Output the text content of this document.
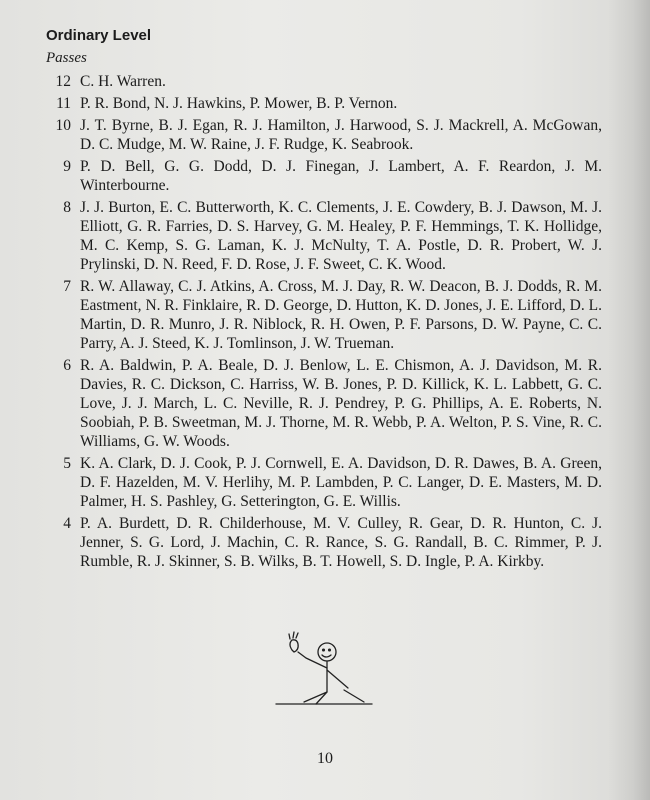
Ordinary Level
Passes
12 C. H. Warren.
11 P. R. Bond, N. J. Hawkins, P. Mower, B. P. Vernon.
10 J. T. Byrne, B. J. Egan, R. J. Hamilton, J. Harwood, S. J. Mackrell, A. McGowan, D. C. Mudge, M. W. Raine, J. F. Rudge, K. Seabrook.
9 P. D. Bell, G. G. Dodd, D. J. Finegan, J. Lambert, A. F. Reardon, J. M. Winterbourne.
8 J. J. Burton, E. C. Butterworth, K. C. Clements, J. E. Cowdery, B. J. Dawson, M. J. Elliott, G. R. Farries, D. S. Harvey, G. M. Healey, P. F. Hemmings, T. K. Hollidge, M. C. Kemp, S. G. Laman, K. J. McNulty, T. A. Postle, D. R. Probert, W. J. Prylinski, D. N. Reed, F. D. Rose, J. F. Sweet, C. K. Wood.
7 R. W. Allaway, C. J. Atkins, A. Cross, M. J. Day, R. W. Deacon, B. J. Dodds, R. M. Eastment, N. R. Finklaire, R. D. George, D. Hutton, K. D. Jones, J. E. Lifford, D. L. Martin, D. R. Munro, J. R. Niblock, R. H. Owen, P. F. Parsons, D. W. Payne, C. C. Parry, A. J. Steed, K. J. Tomlinson, J. W. Trueman.
6 R. A. Baldwin, P. A. Beale, D. J. Benlow, L. E. Chismon, A. J. Davidson, M. R. Davies, R. C. Dickson, C. Harriss, W. B. Jones, P. D. Killick, K. L. Labbett, G. C. Love, J. J. March, L. C. Neville, R. J. Pendrey, P. G. Phillips, A. E. Roberts, N. Soobiah, P. B. Sweetman, M. J. Thorne, M. R. Webb, P. A. Welton, P. S. Vine, R. C. Williams, G. W. Woods.
5 K. A. Clark, D. J. Cook, P. J. Cornwell, E. A. Davidson, D. R. Dawes, B. A. Green, D. F. Hazelden, M. V. Herlihy, M. P. Lambden, P. C. Langer, D. E. Masters, M. D. Palmer, H. S. Pashley, G. Setterington, G. E. Willis.
4 P. A. Burdett, D. R. Childerhouse, M. V. Culley, R. Gear, D. R. Hunton, C. J. Jenner, S. G. Lord, J. Machin, C. R. Rance, S. G. Randall, B. C. Rimmer, P. J. Rumble, R. J. Skinner, S. B. Wilks, B. T. Howell, S. D. Ingle, P. A. Kirkby.
10
